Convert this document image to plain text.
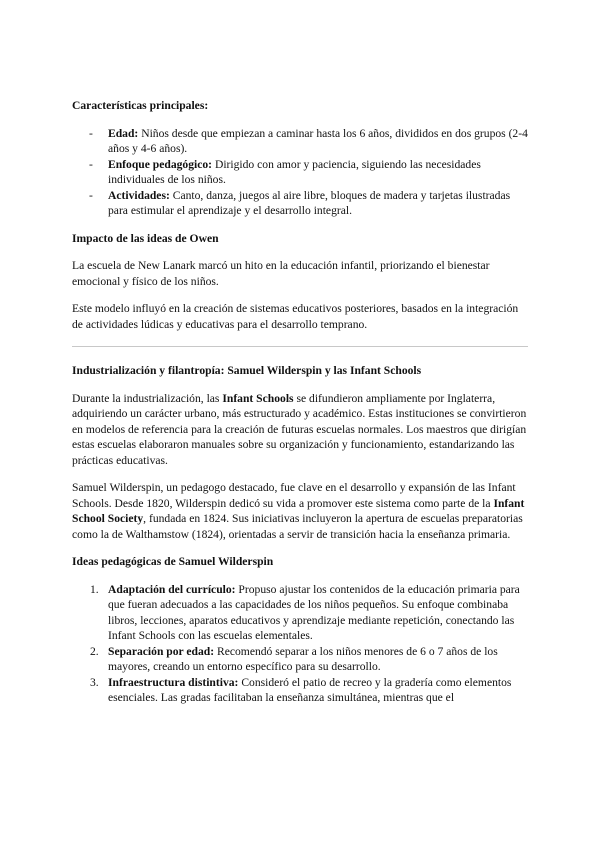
Características principales:
- Edad: Niños desde que empiezan a caminar hasta los 6 años, divididos en dos grupos (2-4 años y 4-6 años).
- Enfoque pedagógico: Dirigido con amor y paciencia, siguiendo las necesidades individuales de los niños.
- Actividades: Canto, danza, juegos al aire libre, bloques de madera y tarjetas ilustradas para estimular el aprendizaje y el desarrollo integral.
Impacto de las ideas de Owen

La escuela de New Lanark marcó un hito en la educación infantil, priorizando el bienestar emocional y físico de los niños.

Este modelo influyó en la creación de sistemas educativos posteriores, basados en la integración de actividades lúdicas y educativas para el desarrollo temprano.

Industrialización y filantropía: Samuel Wilderspin y las Infant Schools

Durante la industrialización, las Infant Schools se difundieron ampliamente por Inglaterra, adquiriendo un carácter urbano, más estructurado y académico. Estas instituciones se convirtieron en modelos de referencia para la creación de futuras escuelas normales. Los maestros que dirigían estas escuelas elaboraron manuales sobre su organización y funcionamiento, estandarizando las prácticas educativas.

Samuel Wilderspin, un pedagogo destacado, fue clave en el desarrollo y expansión de las Infant Schools. Desde 1820, Wilderspin dedicó su vida a promover este sistema como parte de la Infant School Society, fundada en 1824. Sus iniciativas incluyeron la apertura de escuelas preparatorias como la de Walthamstow (1824), orientadas a servir de transición hacia la enseñanza primaria.

Ideas pedagógicas de Samuel Wilderspin
1. Adaptación del currículo: Propuso ajustar los contenidos de la educación primaria para que fueran adecuados a las capacidades de los niños pequeños. Su enfoque combinaba libros, lecciones, aparatos educativos y aprendizaje mediante repetición, conectando las Infant Schools con las escuelas elementales.
2. Separación por edad: Recomendó separar a los niños menores de 6 o 7 años de los mayores, creando un entorno específico para su desarrollo.
3. Infraestructura distintiva: Consideró el patio de recreo y la gradería como elementos esenciales. Las gradas facilitaban la enseñanza simultánea, mientras que el
